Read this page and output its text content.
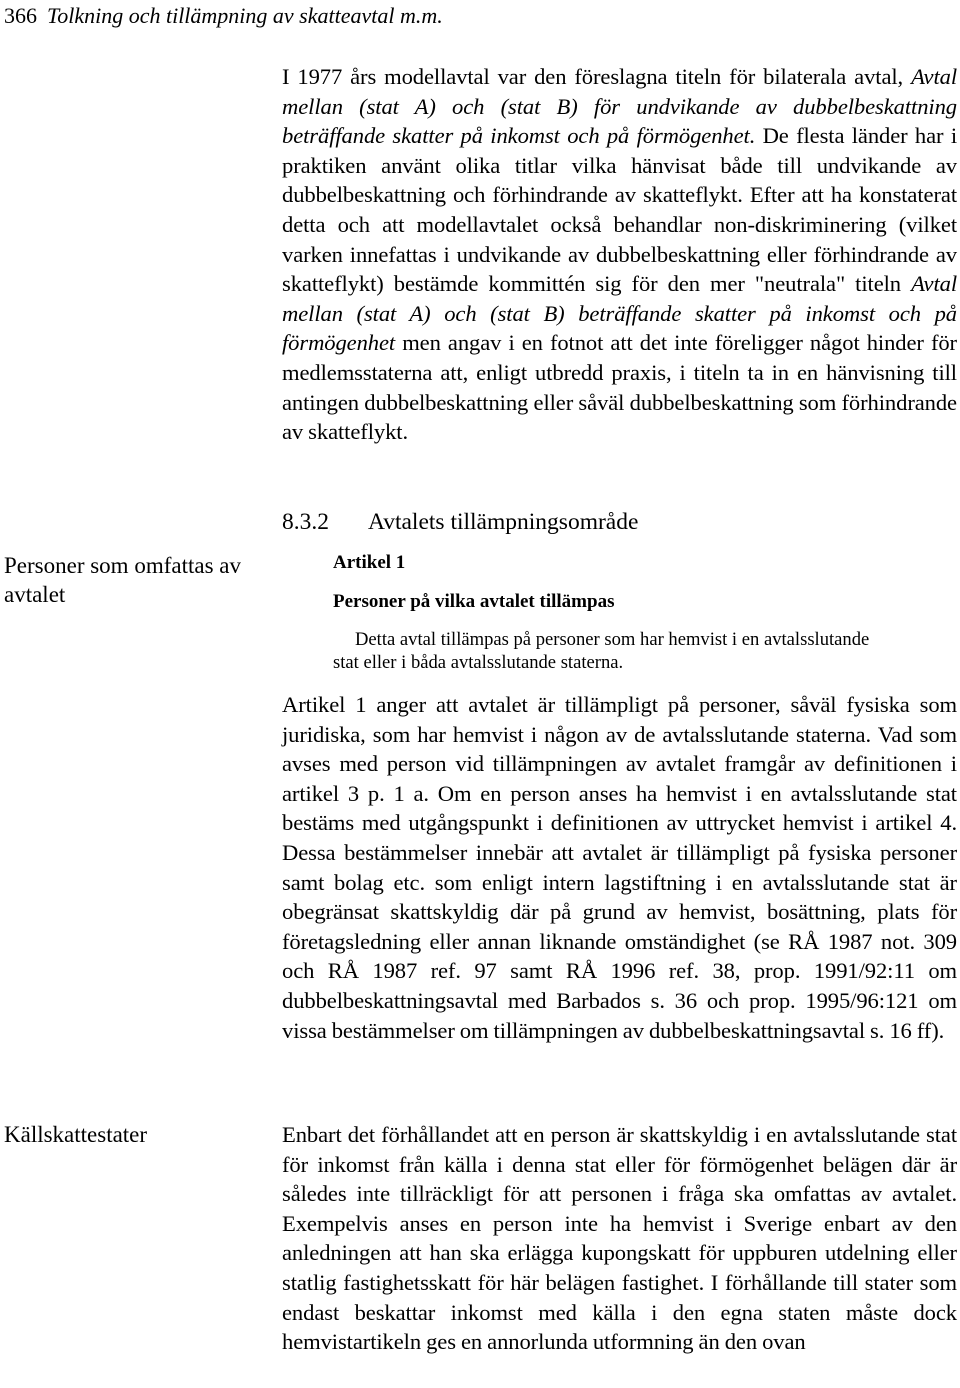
366 Tolkning och tillämpning av skatteavtal m.m.

I 1977 års modellavtal var den föreslagna titeln för bilaterala avtal, Avtal mellan (stat A) och (stat B) för undvikande av dubbelbeskattning beträffande skatter på inkomst och på förmögenhet. De flesta länder har i praktiken använt olika titlar vilka hänvisat både till undvikande av dubbelbeskattning och förhindrande av skatteflykt. Efter att ha konstaterat detta och att modellavtalet också behandlar non-diskriminering (vilket varken innefattas i undvikande av dubbelbeskattning eller förhindrande av skatteflykt) bestämde kommittén sig för den mer "neutrala" titeln Avtal mellan (stat A) och (stat B) beträffande skatter på inkomst och på förmögenhet men angav i en fotnot att det inte föreligger något hinder för medlemsstaterna att, enligt utbredd praxis, i titeln ta in en hänvisning till antingen dubbelbeskattning eller såväl dubbelbeskattning som förhindrande av skatteflykt.

8.3.2 Avtalets tillämpningsområde
Personer som omfattas av avtalet
Artikel 1
Personer på vilka avtalet tillämpas
Detta avtal tillämpas på personer som har hemvist i en avtalsslutande
stat eller i båda avtalsslutande staterna.

Artikel 1 anger att avtalet är tillämpligt på personer, såväl fysiska som juridiska, som har hemvist i någon av de avtalsslutande staterna. Vad som avses med person vid tillämpningen av avtalet framgår av definitionen i artikel 3 p. 1 a. Om en person anses ha hemvist i en avtalsslutande stat bestäms med utgångspunkt i definitionen av uttrycket hemvist i artikel 4. Dessa bestämmelser innebär att avtalet är tillämpligt på fysiska personer samt bolag etc. som enligt intern lagstiftning i en avtalsslutande stat är obegränsat skattskyldig där på grund av hemvist, bosättning, plats för företagsledning eller annan liknande omständighet (se RÅ 1987 not. 309 och RÅ 1987 ref. 97 samt RÅ 1996 ref. 38, prop. 1991/92:11 om dubbelbeskattningsavtal med Barbados s. 36 och prop. 1995/96:121 om vissa bestämmelser om tillämpningen av dubbelbeskattningsavtal s. 16 ff).

Källskattestater	Enbart det förhållandet att en person är skattskyldig i en avtalsslutande stat för inkomst från källa i denna stat eller för förmögenhet belägen där är således inte tillräckligt för att personen i fråga ska omfattas av avtalet. Exempelvis anses en person inte ha hemvist i Sverige enbart av den anledningen att han ska erlägga kupongskatt för uppburen utdelning eller statlig fastighetsskatt för här belägen fastighet. I förhållande till stater som endast beskattar inkomst med källa i den egna staten måste dock hemvistartikeln ges en annorlunda utformning än den ovan
